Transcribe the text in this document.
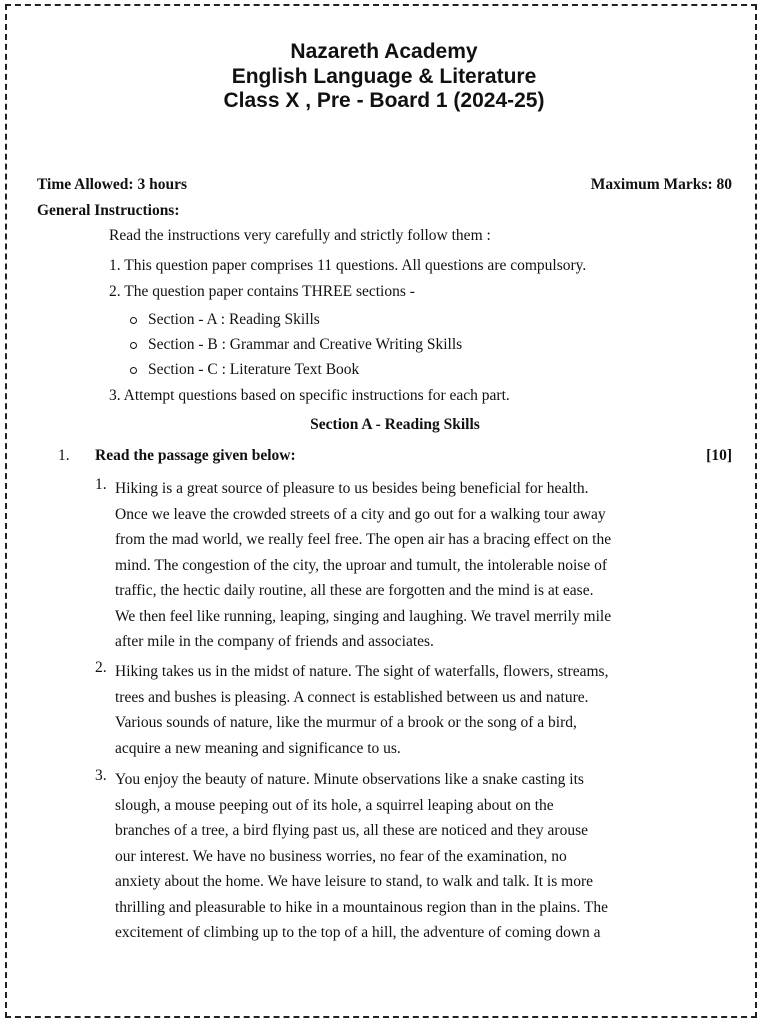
Nazareth Academy
English Language & Literature
Class X , Pre - Board 1 (2024-25)
Time Allowed: 3 hours	Maximum Marks: 80
General Instructions:
Read the instructions very carefully and strictly follow them :
1. This question paper comprises 11 questions. All questions are compulsory.
2. The question paper contains THREE sections -
Section - A : Reading Skills
Section - B : Grammar and Creative Writing Skills
Section - C : Literature Text Book
3. Attempt questions based on specific instructions for each part.
Section A - Reading Skills
1. Read the passage given below:	[10]
1. Hiking is a great source of pleasure to us besides being beneficial for health.
Once we leave the crowded streets of a city and go out for a walking tour away
from the mad world, we really feel free. The open air has a bracing effect on the
mind. The congestion of the city, the uproar and tumult, the intolerable noise of
traffic, the hectic daily routine, all these are forgotten and the mind is at ease.
We then feel like running, leaping, singing and laughing. We travel merrily mile
after mile in the company of friends and associates.
2. Hiking takes us in the midst of nature. The sight of waterfalls, flowers, streams,
trees and bushes is pleasing. A connect is established between us and nature.
Various sounds of nature, like the murmur of a brook or the song of a bird,
acquire a new meaning and significance to us.
3. You enjoy the beauty of nature. Minute observations like a snake casting its
slough, a mouse peeping out of its hole, a squirrel leaping about on the
branches of a tree, a bird flying past us, all these are noticed and they arouse
our interest. We have no business worries, no fear of the examination, no
anxiety about the home. We have leisure to stand, to walk and talk. It is more
thrilling and pleasurable to hike in a mountainous region than in the plains. The
excitement of climbing up to the top of a hill, the adventure of coming down a
